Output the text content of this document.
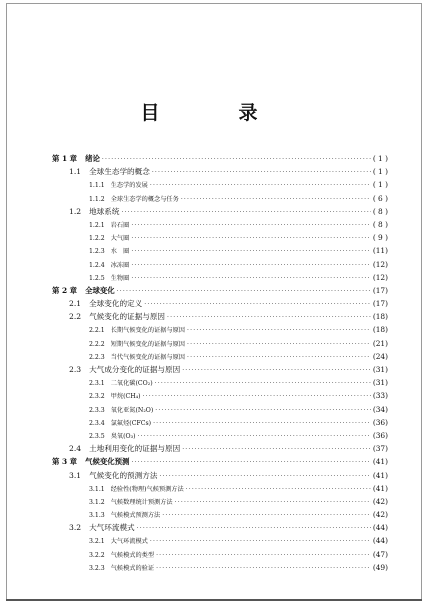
目　录
第 1 章 绪论 ·····	( 1 )
1.1 全球生态学的概念 ·····	( 1 )
1.1.1 生态学的发展 ·····	( 1 )
1.1.2 全球生态学的概念与任务 ·····	( 6 )
1.2 地球系统 ·····	( 8 )
1.2.1 岩石圈 ·····	( 8 )
1.2.2 大气圈 ·····	( 9 )
1.2.3 水　圈 ·····	(11)
1.2.4 冰冻圈 ·····	(12)
1.2.5 生物圈 ·····	(12)
第 2 章 全球变化 ·····	(17)
2.1 全球变化的定义 ·····	(17)
2.2 气候变化的证据与原因 ·····	(18)
2.2.1 长期气候变化的证据与原因 ·····	(18)
2.2.2 短期气候变化的证据与原因 ·····	(21)
2.2.3 当代气候变化的证据与原因 ·····	(24)
2.3 大气成分变化的证据与原因 ·····	(31)
2.3.1 二氧化碳(CO₂) ·····	(31)
2.3.2 甲烷(CH₄) ·····	(33)
2.3.3 氧化亚氮(N₂O) ·····	(34)
2.3.4 氯氟烃(CFCs) ·····	(36)
2.3.5 臭氧(O₃) ·····	(36)
2.4 土地利用变化的证据与原因 ·····	(37)
第 3 章 气候变化预测 ·····	(41)
3.1 气候变化的预测方法 ·····	(41)
3.1.1 经验性(物理)气候预测方法 ·····	(41)
3.1.2 气候数理统计预测方法 ·····	(42)
3.1.3 气候模式预测方法 ·····	(42)
3.2 大气环流模式 ·····	(44)
3.2.1 大气环流模式 ·····	(44)
3.2.2 气候模式的类型 ·····	(47)
3.2.3 气候模式的验证 ·····	(49)
